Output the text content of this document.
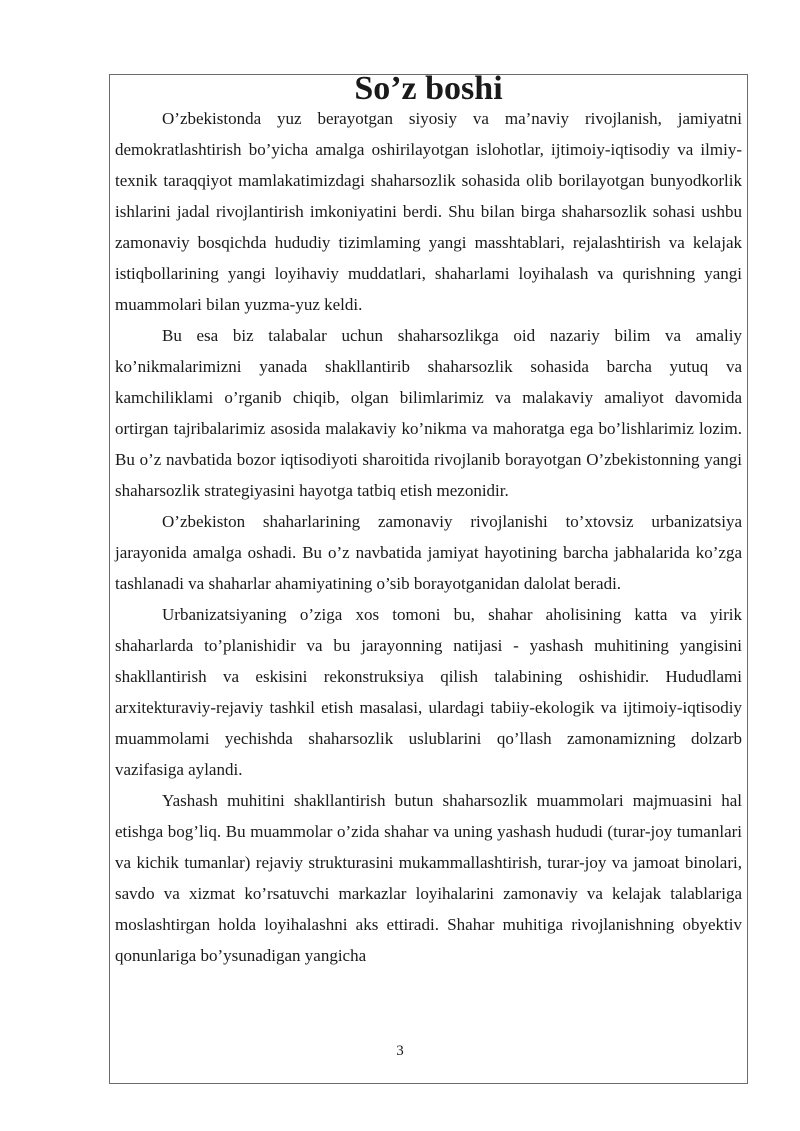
So’z boshi

O’zbekistonda yuz berayotgan siyosiy va ma’naviy rivojlanish, jamiyatni demokratlashtirish bo’yicha amalga oshirilayotgan islohotlar, ijtimoiy-iqtisodiy va ilmiy-texnik taraqqiyot mamlakatimizdagi shaharsozlik sohasida olib borilayotgan bunyodkorlik ishlarini jadal rivojlantirish imkoniyatini berdi. Shu bilan birga shaharsozlik sohasi ushbu zamonaviy bosqichda hududiy tizimlaming yangi masshtablari, rejalashtirish va kelajak istiqbollarining yangi loyihaviy muddatlari, shaharlami loyihalash va qurishning yangi muammolari bilan yuzma-yuz keldi.

Bu esa biz talabalar uchun shaharsozlikga oid nazariy bilim va amaliy ko’nikmalarimizni yanada shakllantirib shaharsozlik sohasida barcha yutuq va kamchiliklami o’rganib chiqib, olgan bilimlarimiz va malakaviy amaliyot davomida ortirgan tajribalarimiz asosida malakaviy ko’nikma va mahoratga ega bo’lishlarimiz lozim. Bu o’z navbatida bozor iqtisodiyoti sharoitida rivojlanib borayotgan O’zbekistonning yangi shaharsozlik strategiyasini hayotga tatbiq etish mezonidir.

O’zbekiston shaharlarining zamonaviy rivojlanishi to’xtovsiz urbanizatsiya jarayonida amalga oshadi. Bu o’z navbatida jamiyat hayotining barcha jabhalarida ko’zga tashlanadi va shaharlar ahamiyatining o’sib borayotganidan dalolat beradi.

Urbanizatsiyaning o’ziga xos tomoni bu, shahar aholisining katta va yirik shaharlarda to’planishidir va bu jarayonning natijasi - yashash muhitining yangisini shakllantirish va eskisini rekonstruksiya qilish talabining oshishidir. Hududlami arxitekturaviy-rejaviy tashkil etish masalasi, ulardagi tabiiy-ekologik va ijtimoiy-iqtisodiy muammolami yechishda shaharsozlik uslublarini qo’llash zamonamizning dolzarb vazifasiga aylandi.

Yashash muhitini shakllantirish butun shaharsozlik muammolari majmuasini hal etishga bog’liq. Bu muammolar o’zida shahar va uning yashash hududi (turar-joy tumanlari va kichik tumanlar) rejaviy strukturasini mukammallashtirish, turar-joy va jamoat binolari, savdo va xizmat ko’rsatuvchi markazlar loyihalarini zamonaviy va kelajak talablariga moslashtirgan holda loyihalashni aks ettiradi. Shahar muhitiga rivojlanishning obyektiv qonunlariga bo’ysunadigan yangicha

3
